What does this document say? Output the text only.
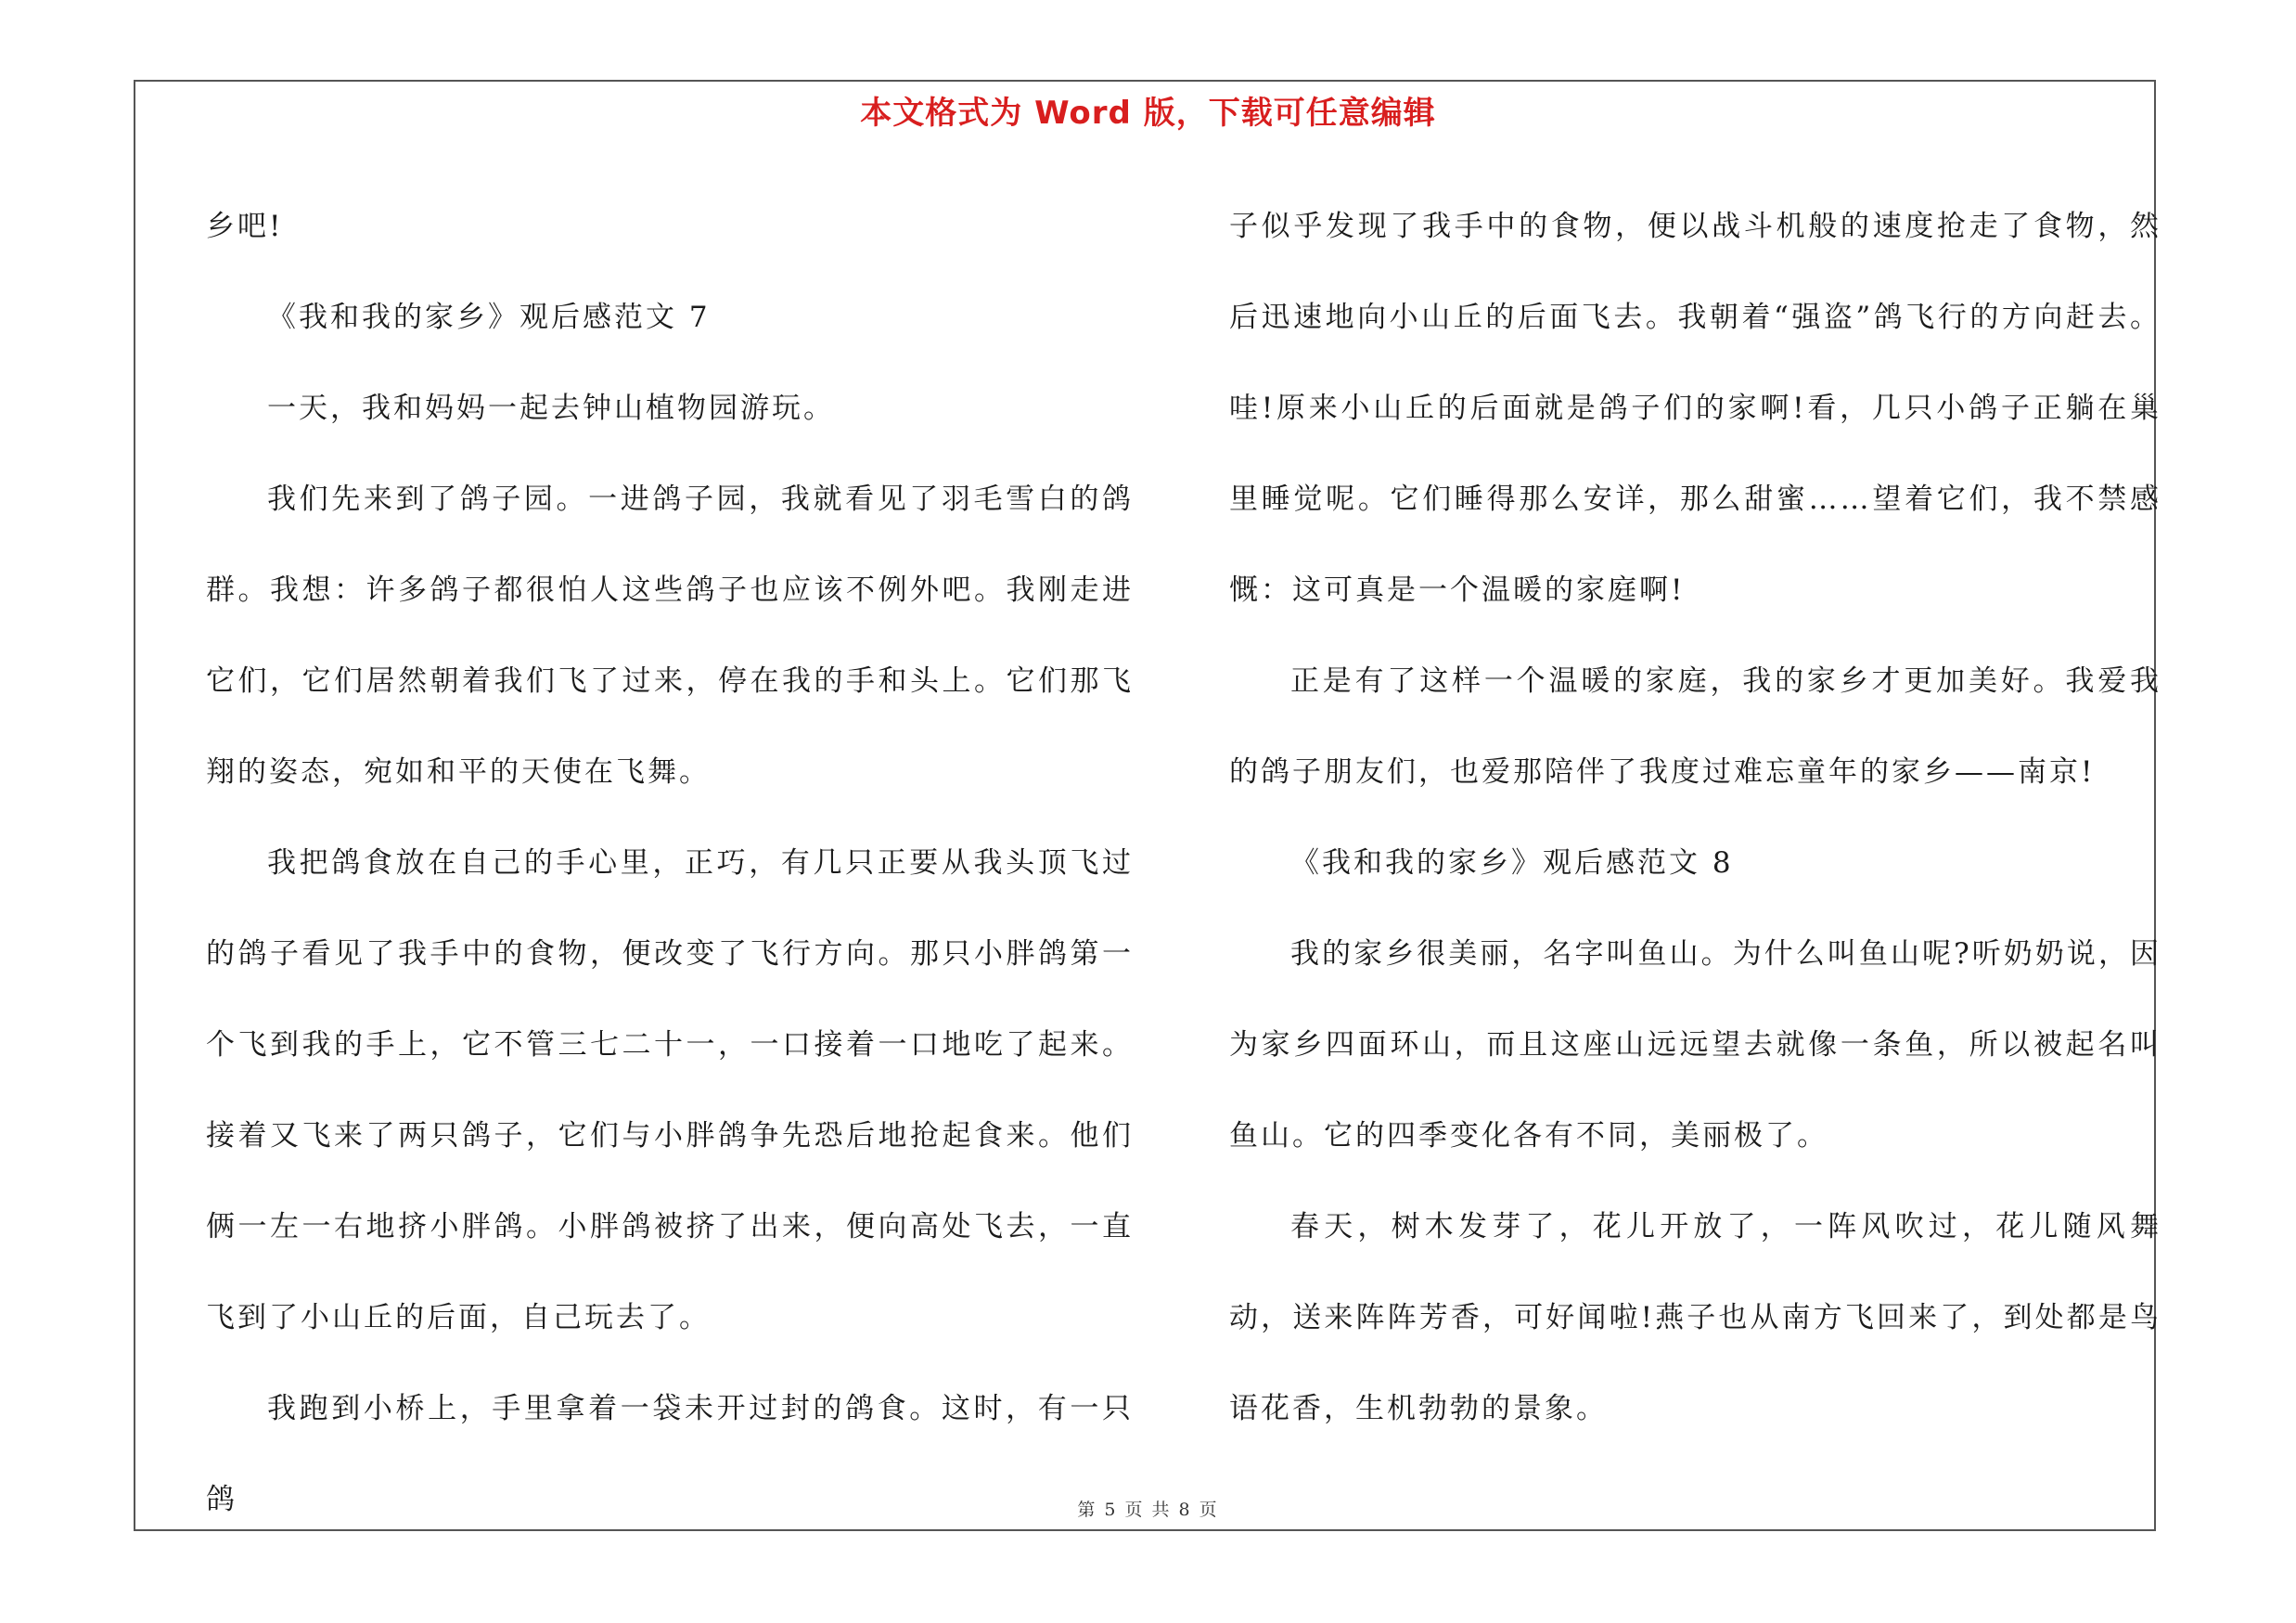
本文格式为 Word 版，下载可任意编辑

乡吧!

《我和我的家乡》观后感范文 7

一天，我和妈妈一起去钟山植物园游玩。

我们先来到了鸽子园。一进鸽子园，我就看见了羽毛雪白的鸽群。我想：许多鸽子都很怕人这些鸽子也应该不例外吧。我刚走进它们，它们居然朝着我们飞了过来，停在我的手和头上。它们那飞翔的姿态，宛如和平的天使在飞舞。

我把鸽食放在自己的手心里，正巧，有几只正要从我头顶飞过的鸽子看见了我手中的食物，便改变了飞行方向。那只小胖鸽第一个飞到我的手上，它不管三七二十一，一口接着一口地吃了起来。接着又飞来了两只鸽子，它们与小胖鸽争先恐后地抢起食来。他们俩一左一右地挤小胖鸽。小胖鸽被挤了出来，便向高处飞去，一直飞到了小山丘的后面，自己玩去了。

我跑到小桥上，手里拿着一袋未开过封的鸽食。这时，有一只鸽

子似乎发现了我手中的食物，便以战斗机般的速度抢走了食物，然后迅速地向小山丘的后面飞去。我朝着“强盗”鸽飞行的方向赶去。哇!原来小山丘的后面就是鸽子们的家啊!看，几只小鸽子正躺在巢里睡觉呢。它们睡得那么安详，那么甜蜜……望着它们，我不禁感慨：这可真是一个温暖的家庭啊!

正是有了这样一个温暖的家庭，我的家乡才更加美好。我爱我的鸽子朋友们，也爱那陪伴了我度过难忘童年的家乡——南京!

《我和我的家乡》观后感范文 8

我的家乡很美丽，名字叫鱼山。为什么叫鱼山呢?听奶奶说，因为家乡四面环山，而且这座山远远望去就像一条鱼，所以被起名叫鱼山。它的四季变化各有不同，美丽极了。

春天，树木发芽了，花儿开放了，一阵风吹过，花儿随风舞动，送来阵阵芳香，可好闻啦!燕子也从南方飞回来了，到处都是鸟语花香，生机勃勃的景象。

第 5 页 共 8 页
